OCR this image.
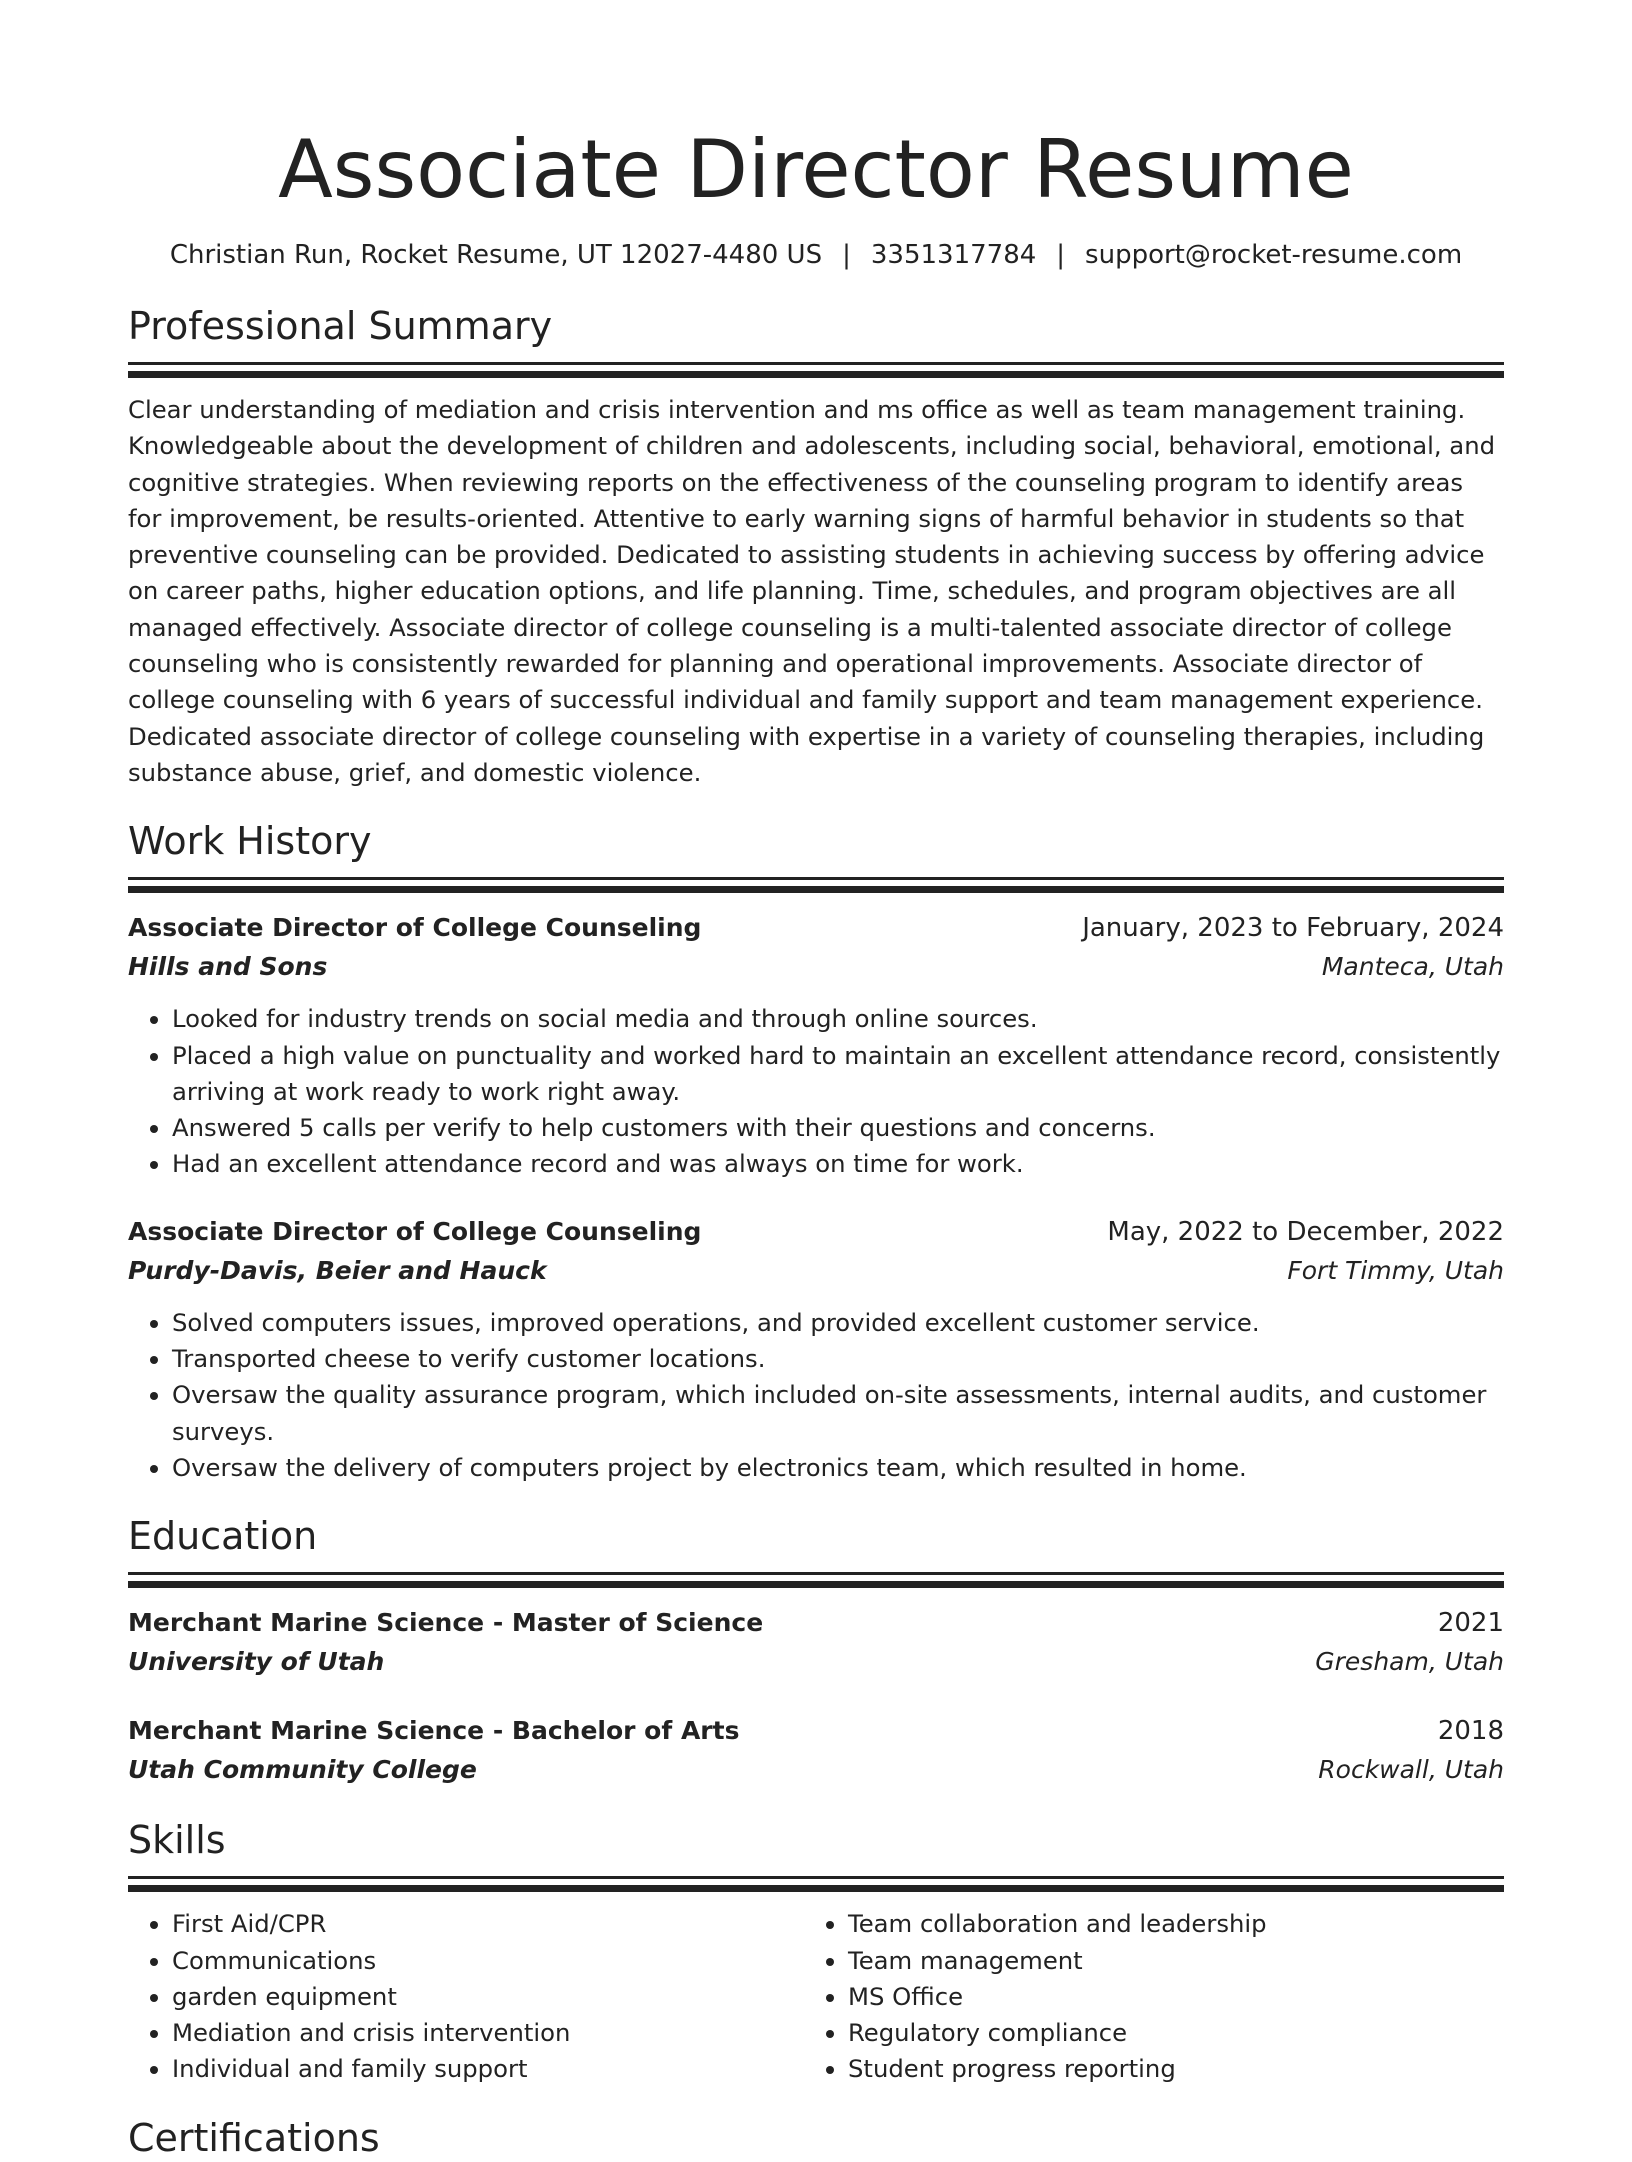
Associate Director Resume
Christian Run, Rocket Resume, UT 12027-4480 US | 3351317784 | support@rocket-resume.com
Professional Summary
Clear understanding of mediation and crisis intervention and ms office as well as team management training. Knowledgeable about the development of children and adolescents, including social, behavioral, emotional, and cognitive strategies. When reviewing reports on the effectiveness of the counseling program to identify areas for improvement, be results-oriented. Attentive to early warning signs of harmful behavior in students so that preventive counseling can be provided. Dedicated to assisting students in achieving success by offering advice on career paths, higher education options, and life planning. Time, schedules, and program objectives are all managed effectively. Associate director of college counseling is a multi-talented associate director of college counseling who is consistently rewarded for planning and operational improvements. Associate director of college counseling with 6 years of successful individual and family support and team management experience. Dedicated associate director of college counseling with expertise in a variety of counseling therapies, including substance abuse, grief, and domestic violence.
Work History
Associate Director of College Counseling	January, 2023 to February, 2024
Hills and Sons	Manteca, Utah
• Looked for industry trends on social media and through online sources.
• Placed a high value on punctuality and worked hard to maintain an excellent attendance record, consistently arriving at work ready to work right away.
• Answered 5 calls per verify to help customers with their questions and concerns.
• Had an excellent attendance record and was always on time for work.
Associate Director of College Counseling	May, 2022 to December, 2022
Purdy-Davis, Beier and Hauck	Fort Timmy, Utah
• Solved computers issues, improved operations, and provided excellent customer service.
• Transported cheese to verify customer locations.
• Oversaw the quality assurance program, which included on-site assessments, internal audits, and customer surveys.
• Oversaw the delivery of computers project by electronics team, which resulted in home.
Education
Merchant Marine Science - Master of Science	2021
University of Utah	Gresham, Utah
Merchant Marine Science - Bachelor of Arts	2018
Utah Community College	Rockwall, Utah
Skills
• First Aid/CPR
• Communications
• garden equipment
• Mediation and crisis intervention
• Individual and family support
• Team collaboration and leadership
• Team management
• MS Office
• Regulatory compliance
• Student progress reporting
Certifications
